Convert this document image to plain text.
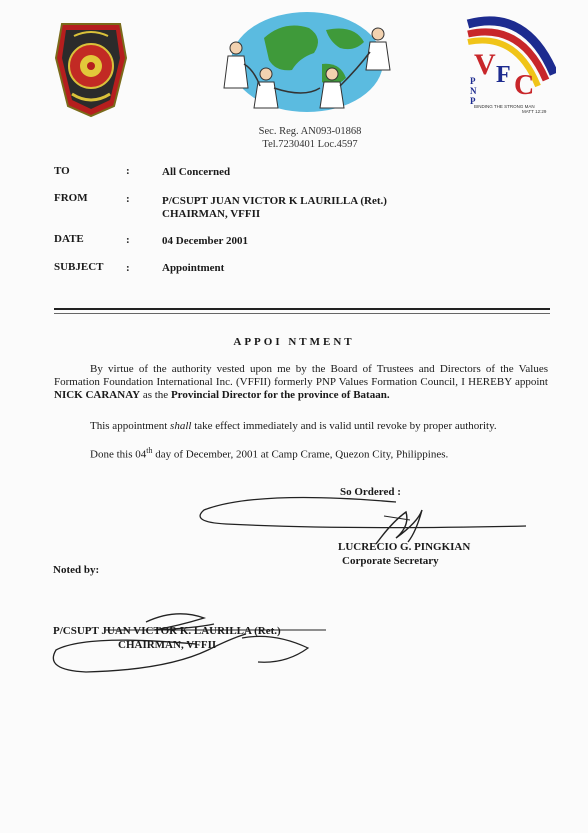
V F C
P
N
P
BINDING THE STRONG MAN
MATT 12:29
Sec. Reg. AN093-01868
Tel.7230401 Loc.4597
TO	:	All Concerned
FROM	:	P/CSUPT JUAN VICTOR K LAURILLA (Ret.)
CHAIRMAN, VFFII
DATE	:	04 December 2001
SUBJECT :	Appointment
APPOI NTMENT
By virtue of the authority vested upon me by the Board of Trustees and Directors of the Values Formation Foundation International Inc. (VFFII) formerly PNP Values Formation Council, I HEREBY appoint NICK CARANAY as the Provincial Director for the province of Bataan.
This appointment shall take effect immediately and is valid until revoke by proper authority.
Done this 04th day of December, 2001 at Camp Crame, Quezon City, Philippines.
So Ordered :
LUCRECIO G. PINGKIAN
Corporate Secretary
Noted by:
P/CSUPT JUAN VICTOR K. LAURILLA (Ret.)
CHAIRMAN, VFFII
